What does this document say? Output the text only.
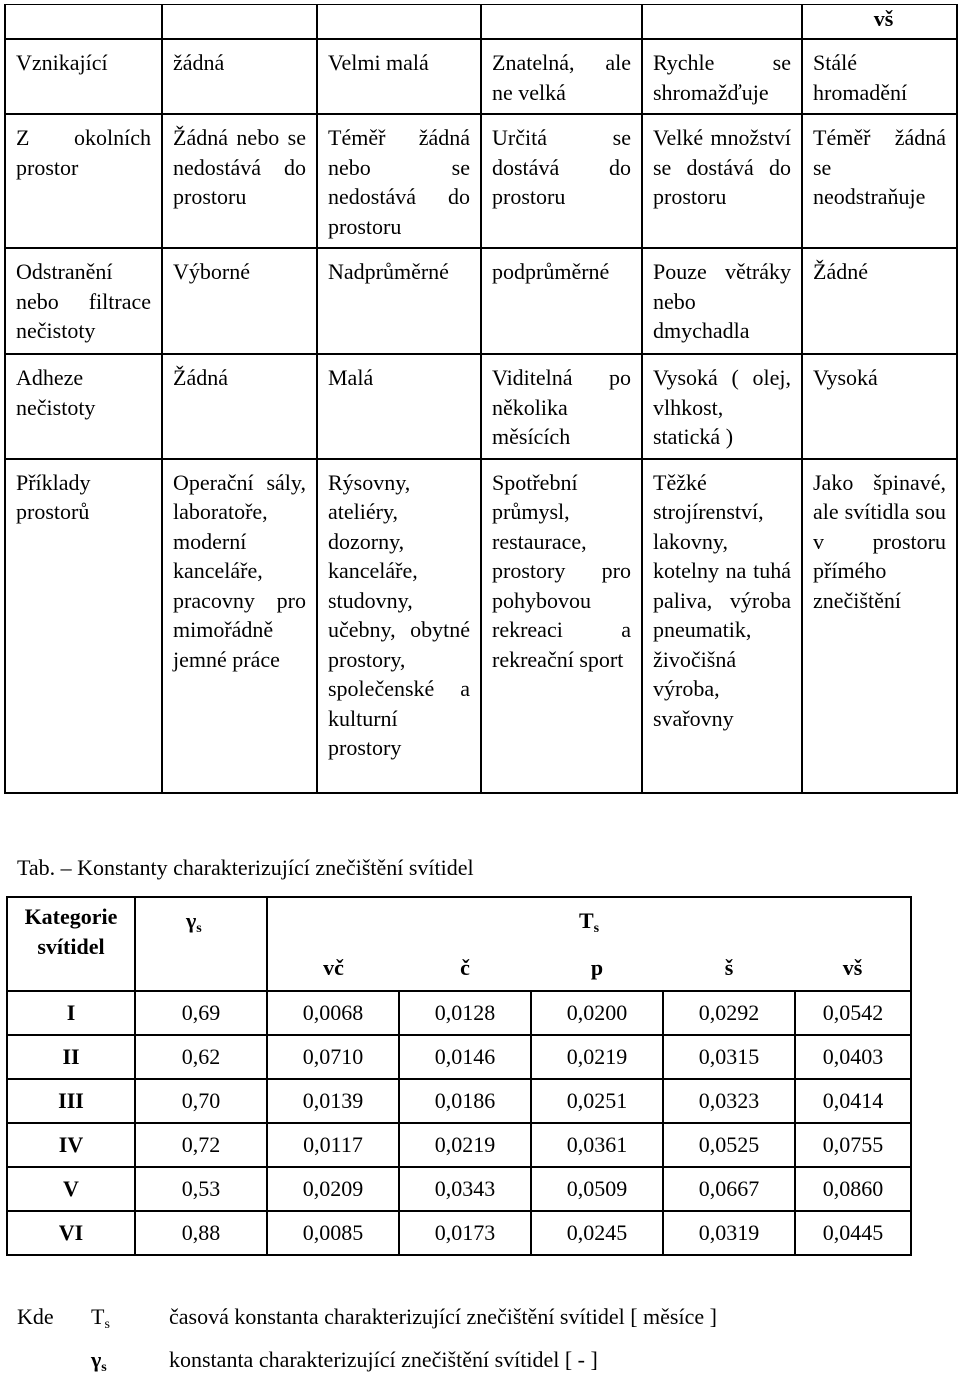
					vš
Vznikající	žádná	Velmi malá	Znatelná, ale ne velká	Rychle se shromažďuje	Stálé hromadění
Z okolních prostor	Žádná nebo se nedostává do prostoru	Téměř žádná nebo se nedostává do prostoru	Určitá se dostává do prostoru	Velké množství se dostává do prostoru	Téměř žádná se neodstraňuje
Odstranění nebo filtrace nečistoty	Výborné	Nadprůměrné	podprůměrné	Pouze větráky nebo dmychadla	Žádné
Adheze nečistoty	Žádná	Malá	Viditelná po několika měsících	Vysoká ( olej, vlhkost, statická )	Vysoká
Příklady prostorů	Operační sály, laboratoře, moderní kanceláře, pracovny pro mimořádně jemné práce	Rýsovny, ateliéry, dozorny, kanceláře, studovny, učebny, obytné prostory, společenské a kulturní prostory	Spotřební průmysl, restaurace, prostory pro pohybovou rekreaci a rekreační sport	Těžké strojírenství, lakovny, kotelny na tuhá paliva, výroba pneumatik, živočišná výroba, svařovny	Jako špinavé, ale svítidla sou v prostoru přímého znečištění
Tab. – Konstanty charakterizující znečištění svítidel
Kategorie svítidel	$\gamma_s$	$T_s$
		vč	č	p	š	vš
I	0,69	0,0068	0,0128	0,0200	0,0292	0,0542
II	0,62	0,0710	0,0146	0,0219	0,0315	0,0403
III	0,70	0,0139	0,0186	0,0251	0,0323	0,0414
IV	0,72	0,0117	0,0219	0,0361	0,0525	0,0755
V	0,53	0,0209	0,0343	0,0509	0,0667	0,0860
VI	0,88	0,0085	0,0173	0,0245	0,0319	0,0445
Kde $T_s$	časová konstanta charakterizující znečištění svítidel [ měsíce ]
$\gamma_s$	konstanta charakterizující znečištění svítidel [ - ]
